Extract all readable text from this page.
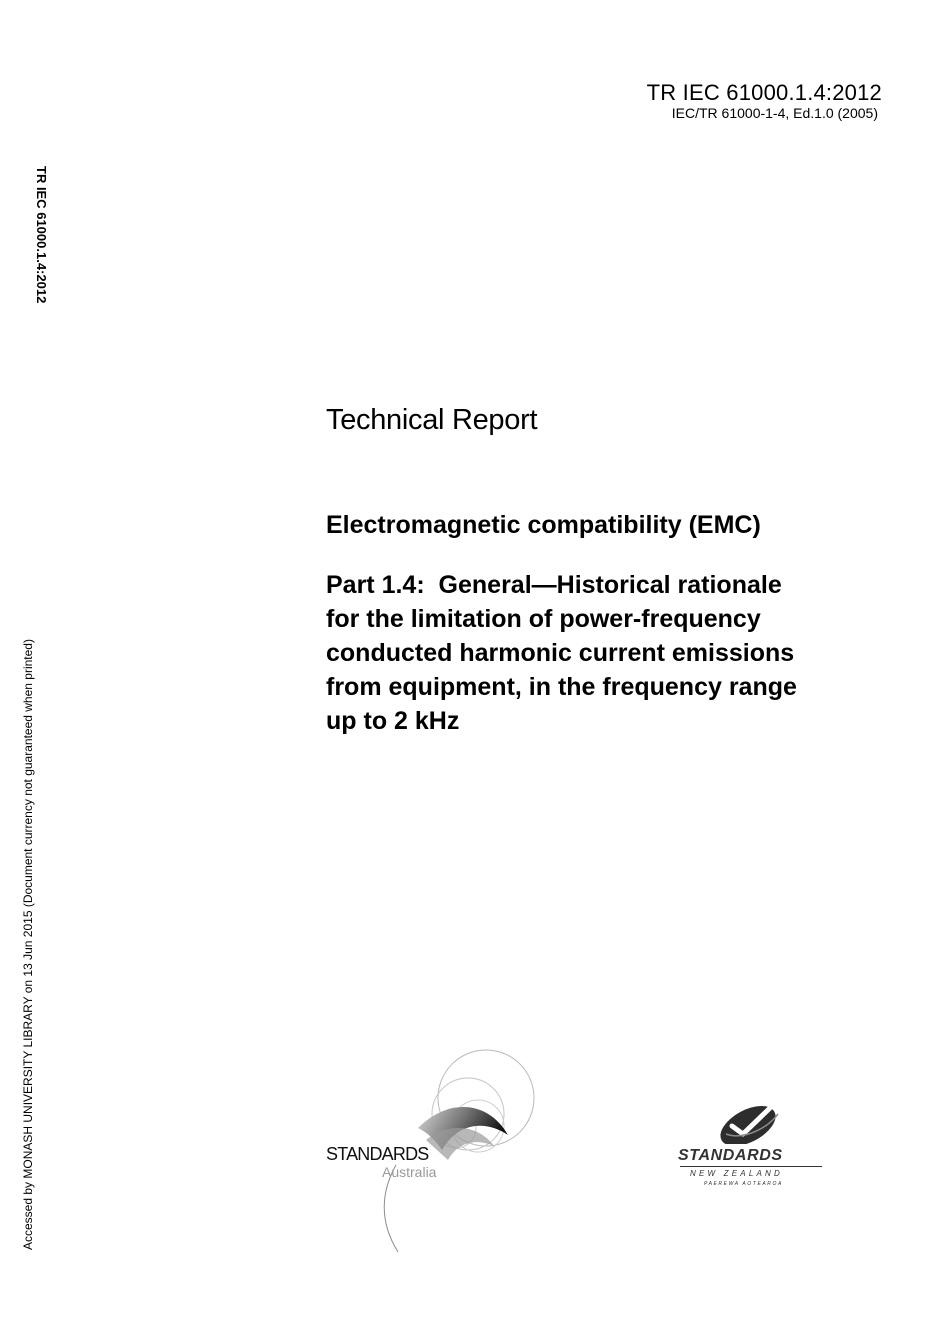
TR IEC 61000.1.4:2012
IEC/TR 61000-1-4, Ed.1.0 (2005)
TR IEC 61000.1.4:2012
Accessed by MONASH UNIVERSITY LIBRARY on 13 Jun 2015 (Document currency not guaranteed when printed)
Technical Report
Electromagnetic compatibility (EMC)
Part 1.4:  General—Historical rationale
for the limitation of power-frequency
conducted harmonic current emissions
from equipment, in the frequency range
up to 2 kHz
STANDARDS
Australia
STANDARDS
NEW ZEALAND
PAEREWA AOTEAROA
